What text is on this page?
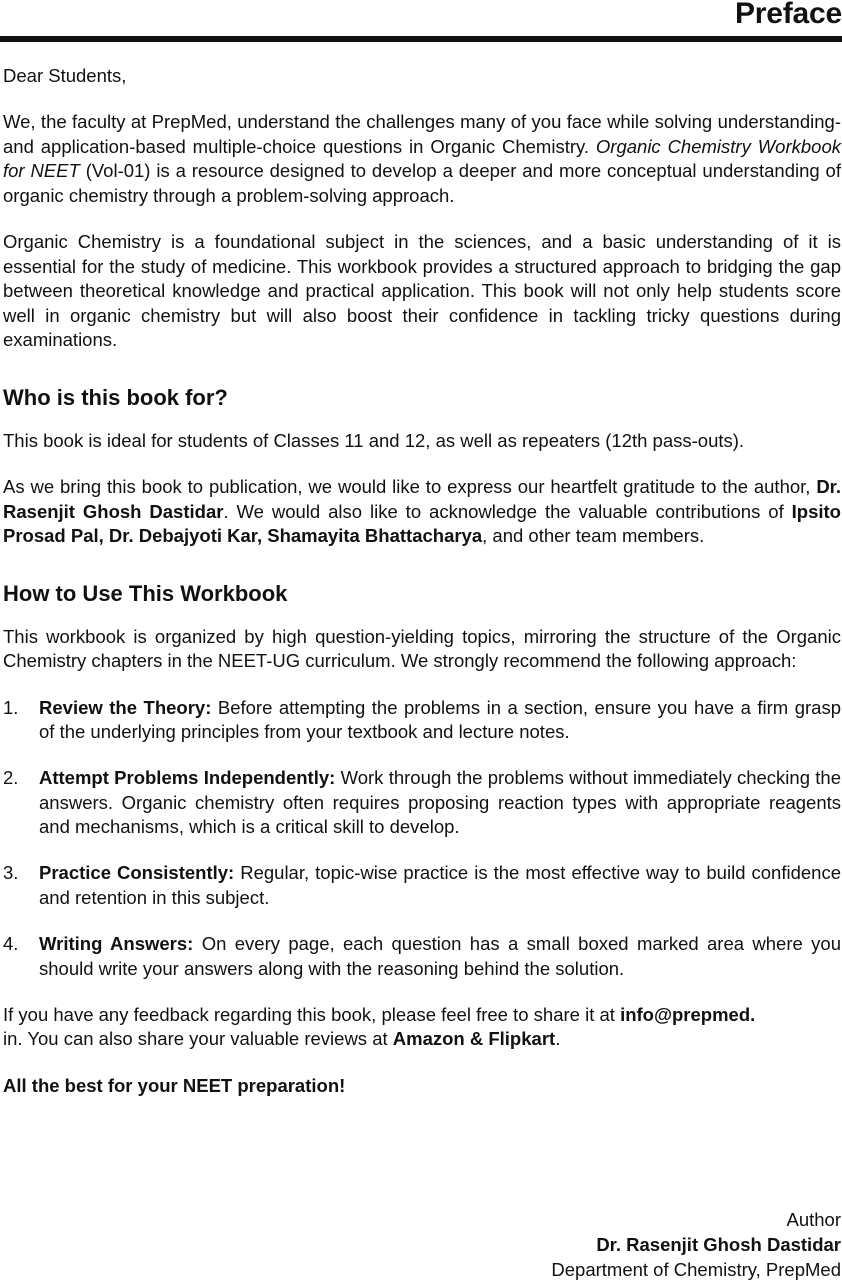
Preface

Dear Students,

We, the faculty at PrepMed, understand the challenges many of you face while solving understanding- and application-based multiple-choice questions in Organic Chemistry. Organic Chemistry Workbook for NEET (Vol-01) is a resource designed to develop a deeper and more conceptual understanding of organic chemistry through a problem-solving approach.

Organic Chemistry is a foundational subject in the sciences, and a basic understanding of it is essential for the study of medicine. This workbook provides a structured approach to bridging the gap between theoretical knowledge and practical application. This book will not only help students score well in organic chemistry but will also boost their confidence in tackling tricky questions during examinations.

Who is this book for?

This book is ideal for students of Classes 11 and 12, as well as repeaters (12th pass-outs).

As we bring this book to publication, we would like to express our heartfelt gratitude to the author, Dr. Rasenjit Ghosh Dastidar. We would also like to acknowledge the valuable contributions of Ipsito Prosad Pal, Dr. Debajyoti Kar, Shamayita Bhattacharya, and other team members.

How to Use This Workbook

This workbook is organized by high question-yielding topics, mirroring the structure of the Organic Chemistry chapters in the NEET-UG curriculum. We strongly recommend the following approach:

1. Review the Theory: Before attempting the problems in a section, ensure you have a firm grasp of the underlying principles from your textbook and lecture notes.
2. Attempt Problems Independently: Work through the problems without immediately checking the answers. Organic chemistry often requires proposing reaction types with appropriate reagents and mechanisms, which is a critical skill to develop.
3. Practice Consistently: Regular, topic-wise practice is the most effective way to build confidence and retention in this subject.
4. Writing Answers: On every page, each question has a small boxed marked area where you should write your answers along with the reasoning behind the solution.

If you have any feedback regarding this book, please feel free to share it at info@prepmed.
in. You can also share your valuable reviews at Amazon & Flipkart.

All the best for your NEET preparation!

Author
Dr. Rasenjit Ghosh Dastidar
Department of Chemistry, PrepMed
